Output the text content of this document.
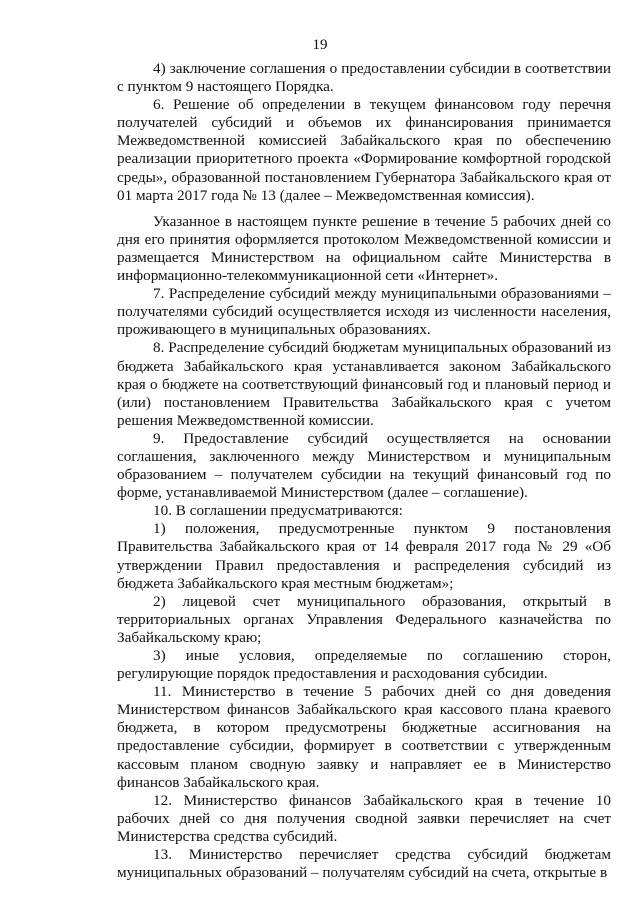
19

4) заключение соглашения о предоставлении субсидии в соответствии с пунктом 9 настоящего Порядка.

6. Решение об определении в текущем финансовом году перечня получателей субсидий и объемов их финансирования принимается Межведомственной комиссией Забайкальского края по обеспечению реализации приоритетного проекта «Формирование комфортной городской среды», образованной постановлением Губернатора Забайкальского края от 01 марта 2017 года № 13 (далее – Межведомственная комиссия).

Указанное в настоящем пункте решение в течение 5 рабочих дней со дня его принятия оформляется протоколом Межведомственной комиссии и размещается Министерством на официальном сайте Министерства в информационно-телекоммуникационной сети «Интернет».

7. Распределение субсидий между муниципальными образованиями – получателями субсидий осуществляется исходя из численности населения, проживающего в муниципальных образованиях.

8. Распределение субсидий бюджетам муниципальных образований из бюджета Забайкальского края устанавливается законом Забайкальского края о бюджете на соответствующий финансовый год и плановый период и (или) постановлением Правительства Забайкальского края с учетом решения Межведомственной комиссии.

9. Предоставление субсидий осуществляется на основании соглашения, заключенного между Министерством и муниципальным образованием – получателем субсидии на текущий финансовый год по форме, устанавливаемой Министерством (далее – соглашение).

10. В соглашении предусматриваются:

1) положения, предусмотренные пунктом 9 постановления Правительства Забайкальского края от 14 февраля 2017 года № 29 «Об утверждении Правил предоставления и распределения субсидий из бюджета Забайкальского края местным бюджетам»;

2) лицевой счет муниципального образования, открытый в территориальных органах Управления Федерального казначейства по Забайкальскому краю;

3) иные условия, определяемые по соглашению сторон, регулирующие порядок предоставления и расходования субсидии.

11. Министерство в течение 5 рабочих дней со дня доведения Министерством финансов Забайкальского края кассового плана краевого бюджета, в котором предусмотрены бюджетные ассигнования на предоставление субсидии, формирует в соответствии с утвержденным кассовым планом сводную заявку и направляет ее в Министерство финансов Забайкальского края.

12. Министерство финансов Забайкальского края в течение 10 рабочих дней со дня получения сводной заявки перечисляет на счет Министерства средства субсидий.

13. Министерство перечисляет средства субсидий бюджетам муниципальных образований – получателям субсидий на счета, открытые в
